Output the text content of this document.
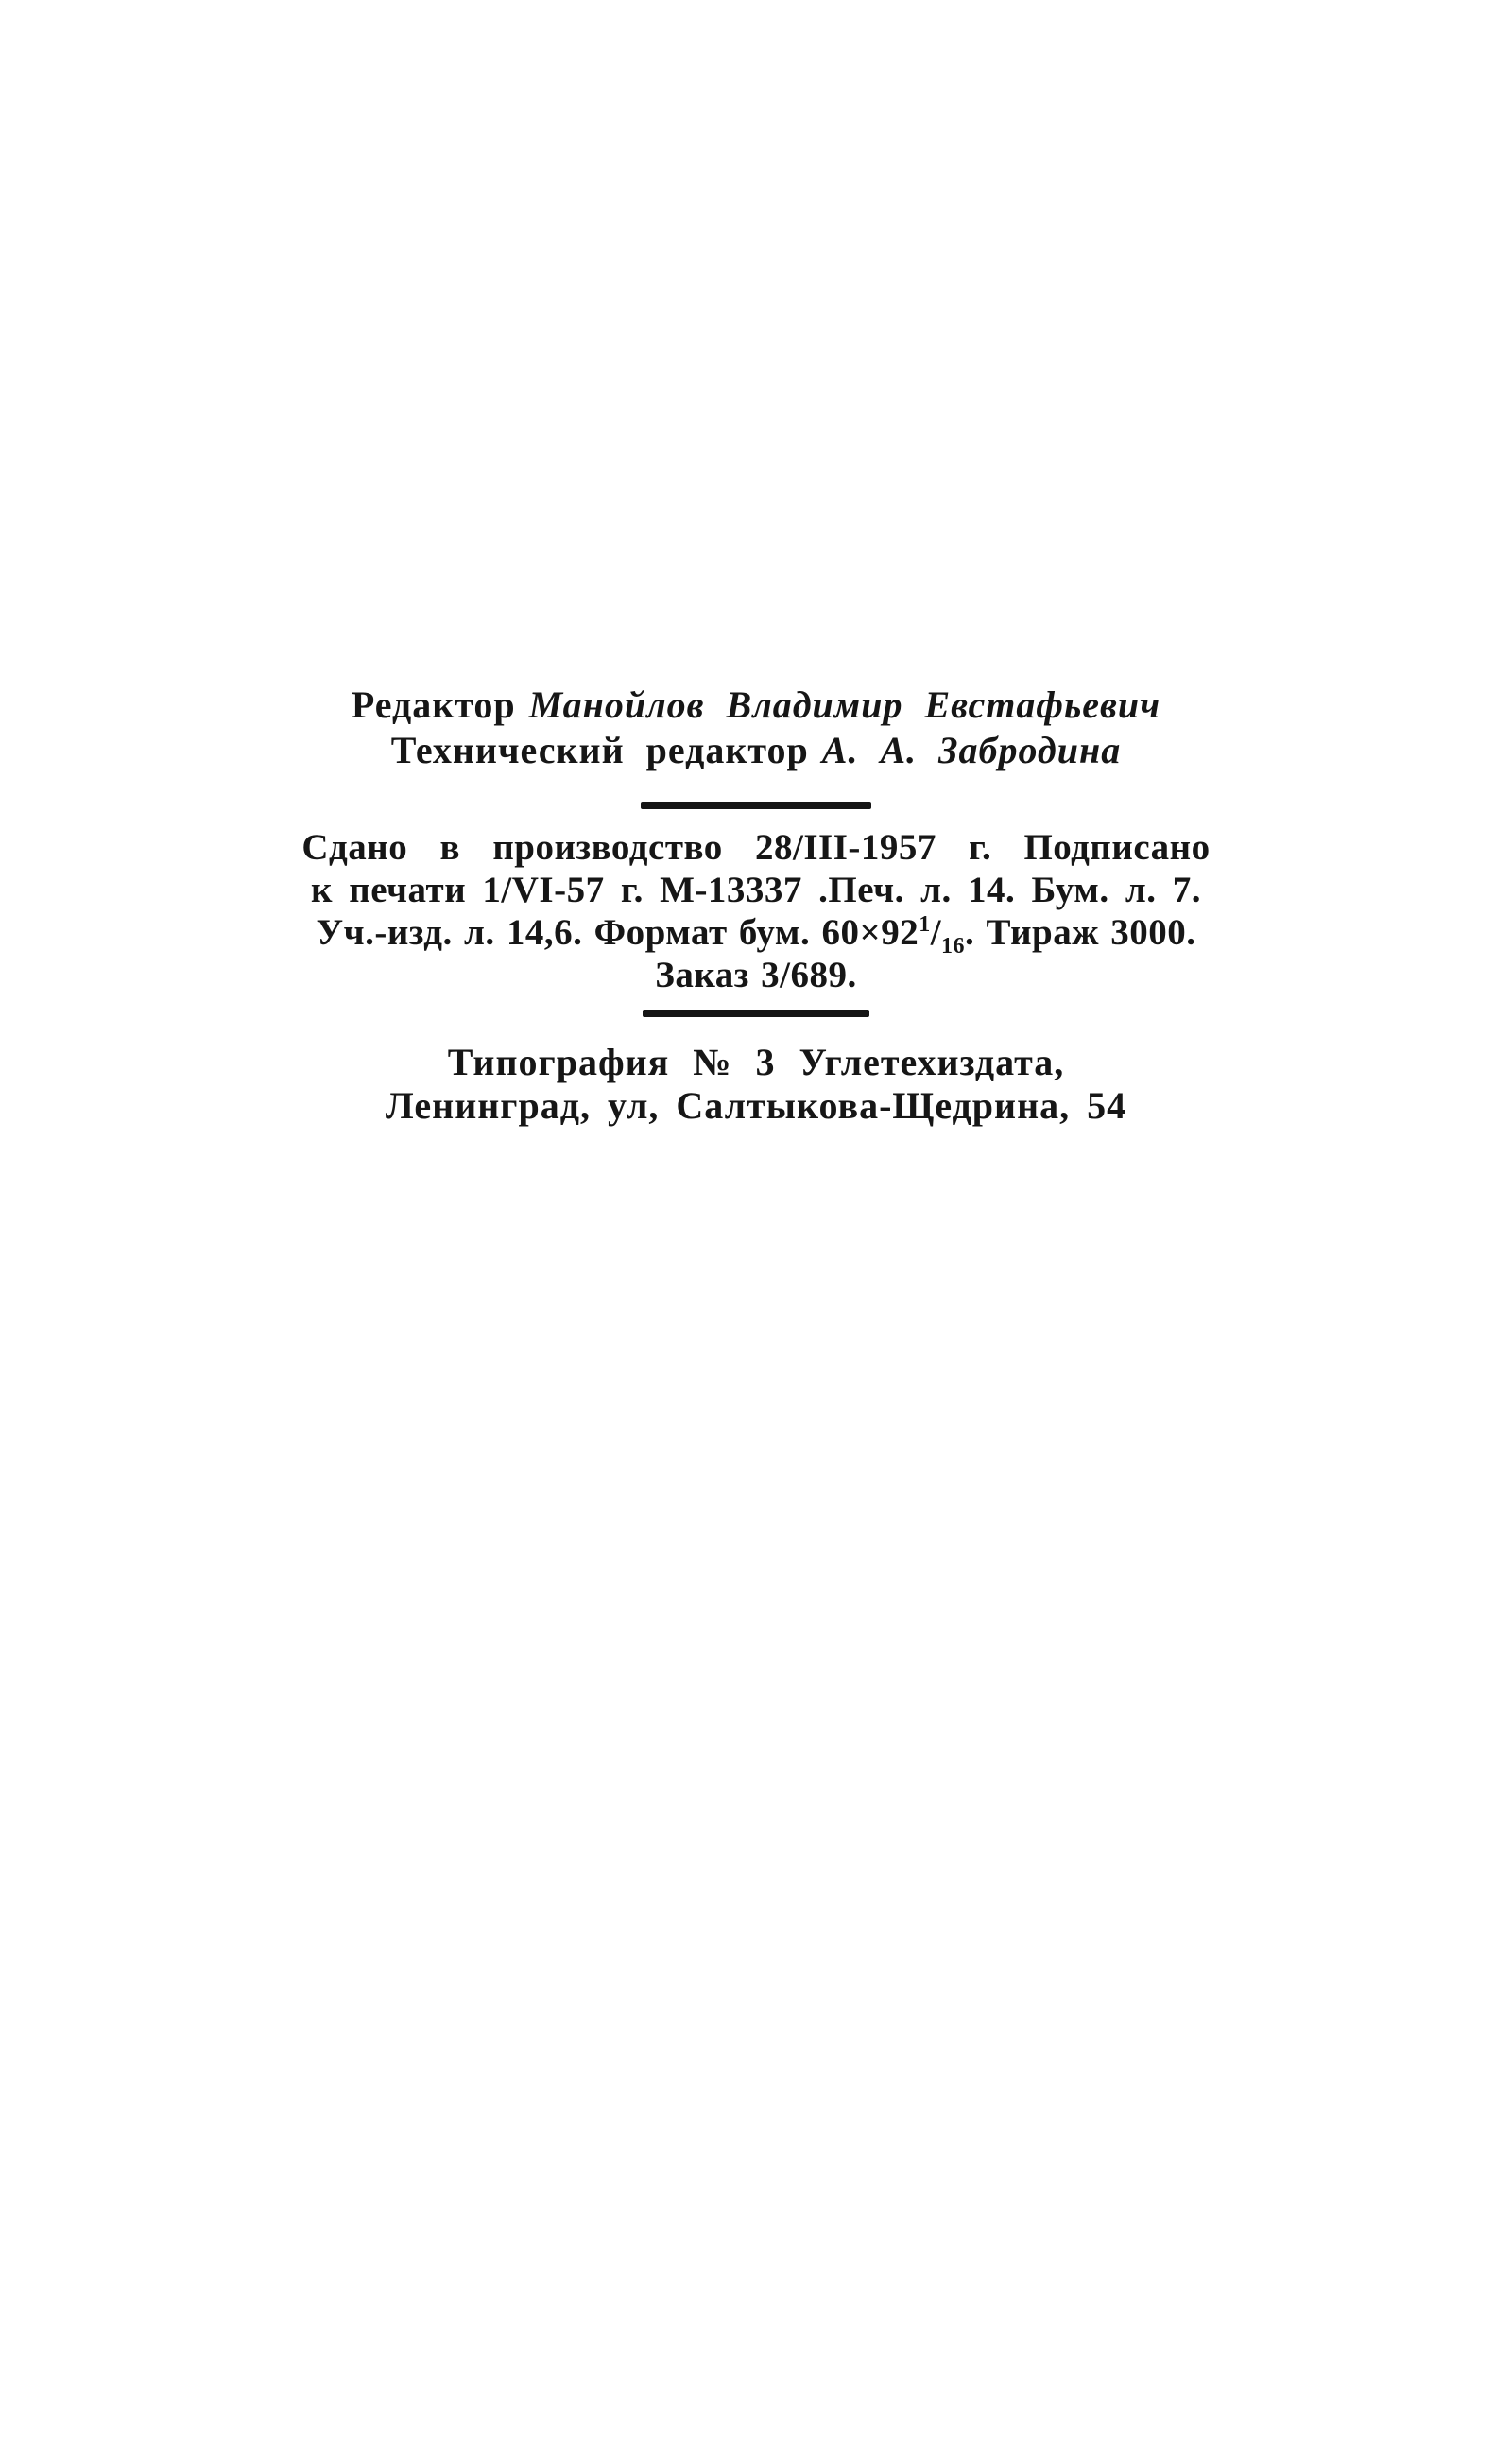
Редактор Манойлов Владимир Евстафьевич
Технический редактор А. А. Забродина
Сдано в производство 28/III-1957 г. Подписано
к печати 1/VI-57 г. М-13337 .Печ. л. 14. Бум. л. 7.
Уч.-изд. л. 14,6. Формат бум. $60\times 92^1/_{16}$. Тираж 3000.
Заказ 3/689.
Типография № 3 Углетехиздата,
Ленинград, ул, Салтыкова-Щедрина, 54
